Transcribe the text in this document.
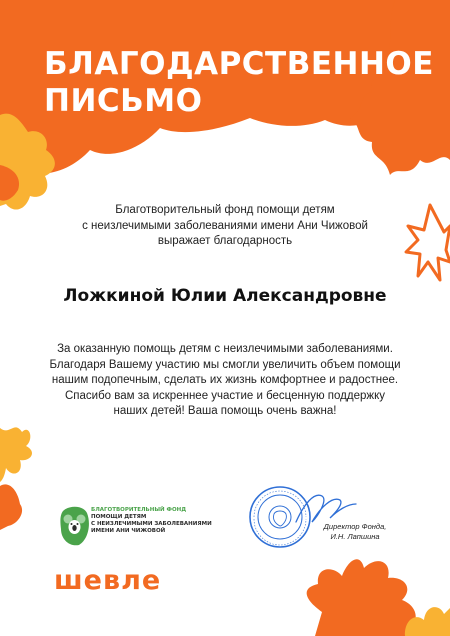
БЛАГОДАРСТВЕННОЕ
ПИСЬМО

Благотворительный фонд помощи детям
с неизлечимыми заболеваниями имени Ани Чижовой
выражает благодарность

Ложкиной Юлии Александровне

За оказанную помощь детям с неизлечимыми заболеваниями.
Благодаря Вашему участию мы смогли увеличить объем помощи
нашим подопечным, сделать их жизнь комфортнее и радостнее.
Спасибо вам за искреннее участие и бесценную поддержку
наших детей! Ваша помощь очень важна!

БЛАГОТВОРИТЕЛЬНЫЙ ФОНД
ПОМОЩИ ДЕТЯМ
С НЕИЗЛЕЧИМЫМИ ЗАБОЛЕВАНИЯМИ
ИМЕНИ АНИ ЧИЖОВОЙ	Директор Фонда,
И.Н. Лапшина
шевле
